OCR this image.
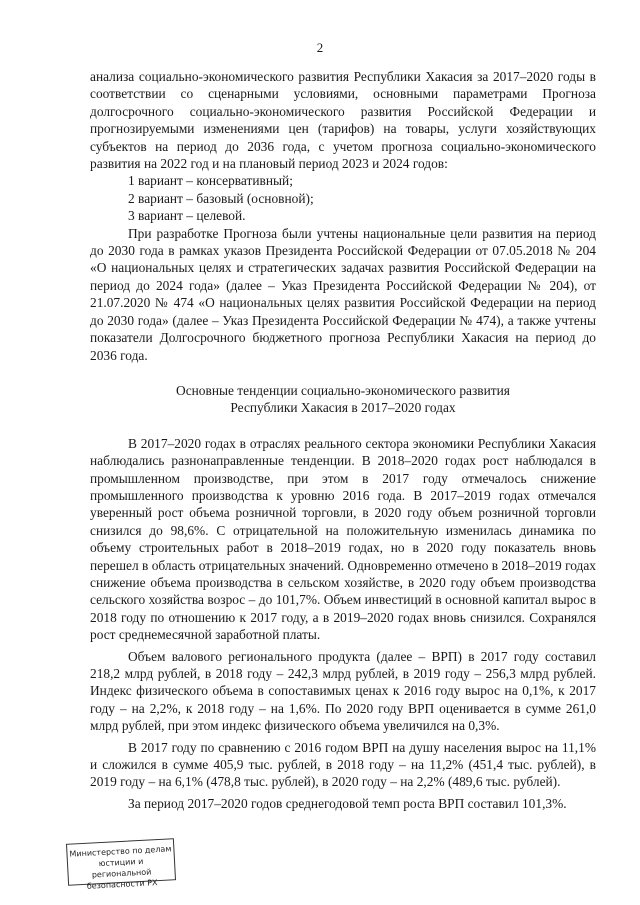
2

анализа социально-экономического развития Республики Хакасия за 2017–2020 годы в соответствии со сценарными условиями, основными параметрами Прогноза долгосрочного социально-экономического развития Российской Федерации и прогнозируемыми изменениями цен (тарифов) на товары, услуги хозяйствующих субъектов на период до 2036 года, с учетом прогноза социально-экономического развития на 2022 год и на плановый период 2023 и 2024 годов:

1 вариант – консервативный;
2 вариант – базовый (основной);
3 вариант – целевой.

При разработке Прогноза были учтены национальные цели развития на период до 2030 года в рамках указов Президента Российской Федерации от 07.05.2018 № 204 «О национальных целях и стратегических задачах развития Российской Федерации на период до 2024 года» (далее – Указ Президента Российской Федерации № 204), от 21.07.2020 № 474 «О национальных целях развития Российской Федерации на период до 2030 года» (далее – Указ Президента Российской Федерации № 474), а также учтены показатели Долгосрочного бюджетного прогноза Республики Хакасия на период до 2036 года.

Основные тенденции социально-экономического развития
Республики Хакасия в 2017–2020 годах

В 2017–2020 годах в отраслях реального сектора экономики Республики Хакасия наблюдались разнонаправленные тенденции. В 2018–2020 годах рост наблюдался в промышленном производстве, при этом в 2017 году отмечалось снижение промышленного производства к уровню 2016 года. В 2017–2019 годах отмечался уверенный рост объема розничной торговли, в 2020 году объем розничной торговли снизился до 98,6%. С отрицательной на положительную изменилась динамика по объему строительных работ в 2018–2019 годах, но в 2020 году показатель вновь перешел в область отрицательных значений. Одновременно отмечено в 2018–2019 годах снижение объема производства в сельском хозяйстве, в 2020 году объем производства сельского хозяйства возрос – до 101,7%. Объем инвестиций в основной капитал вырос в 2018 году по отношению к 2017 году, а в 2019–2020 годах вновь снизился. Сохранялся рост среднемесячной заработной платы.

Объем валового регионального продукта (далее – ВРП) в 2017 году составил 218,2 млрд рублей, в 2018 году – 242,3 млрд рублей, в 2019 году – 256,3 млрд рублей. Индекс физического объема в сопоставимых ценах к 2016 году вырос на 0,1%, к 2017 году – на 2,2%, к 2018 году – на 1,6%. По 2020 году ВРП оценивается в сумме 261,0 млрд рублей, при этом индекс физического объема увеличился на 0,3%.

В 2017 году по сравнению с 2016 годом ВРП на душу населения вырос на 11,1% и сложился в сумме 405,9 тыс. рублей, в 2018 году – на 11,2% (451,4 тыс. рублей), в 2019 году – на 6,1% (478,8 тыс. рублей), в 2020 году – на 2,2% (489,6 тыс. рублей).

За период 2017–2020 годов среднегодовой темп роста ВРП составил 101,3%.

Министерство по делам
юстиции и региональной
безопасности РХ
